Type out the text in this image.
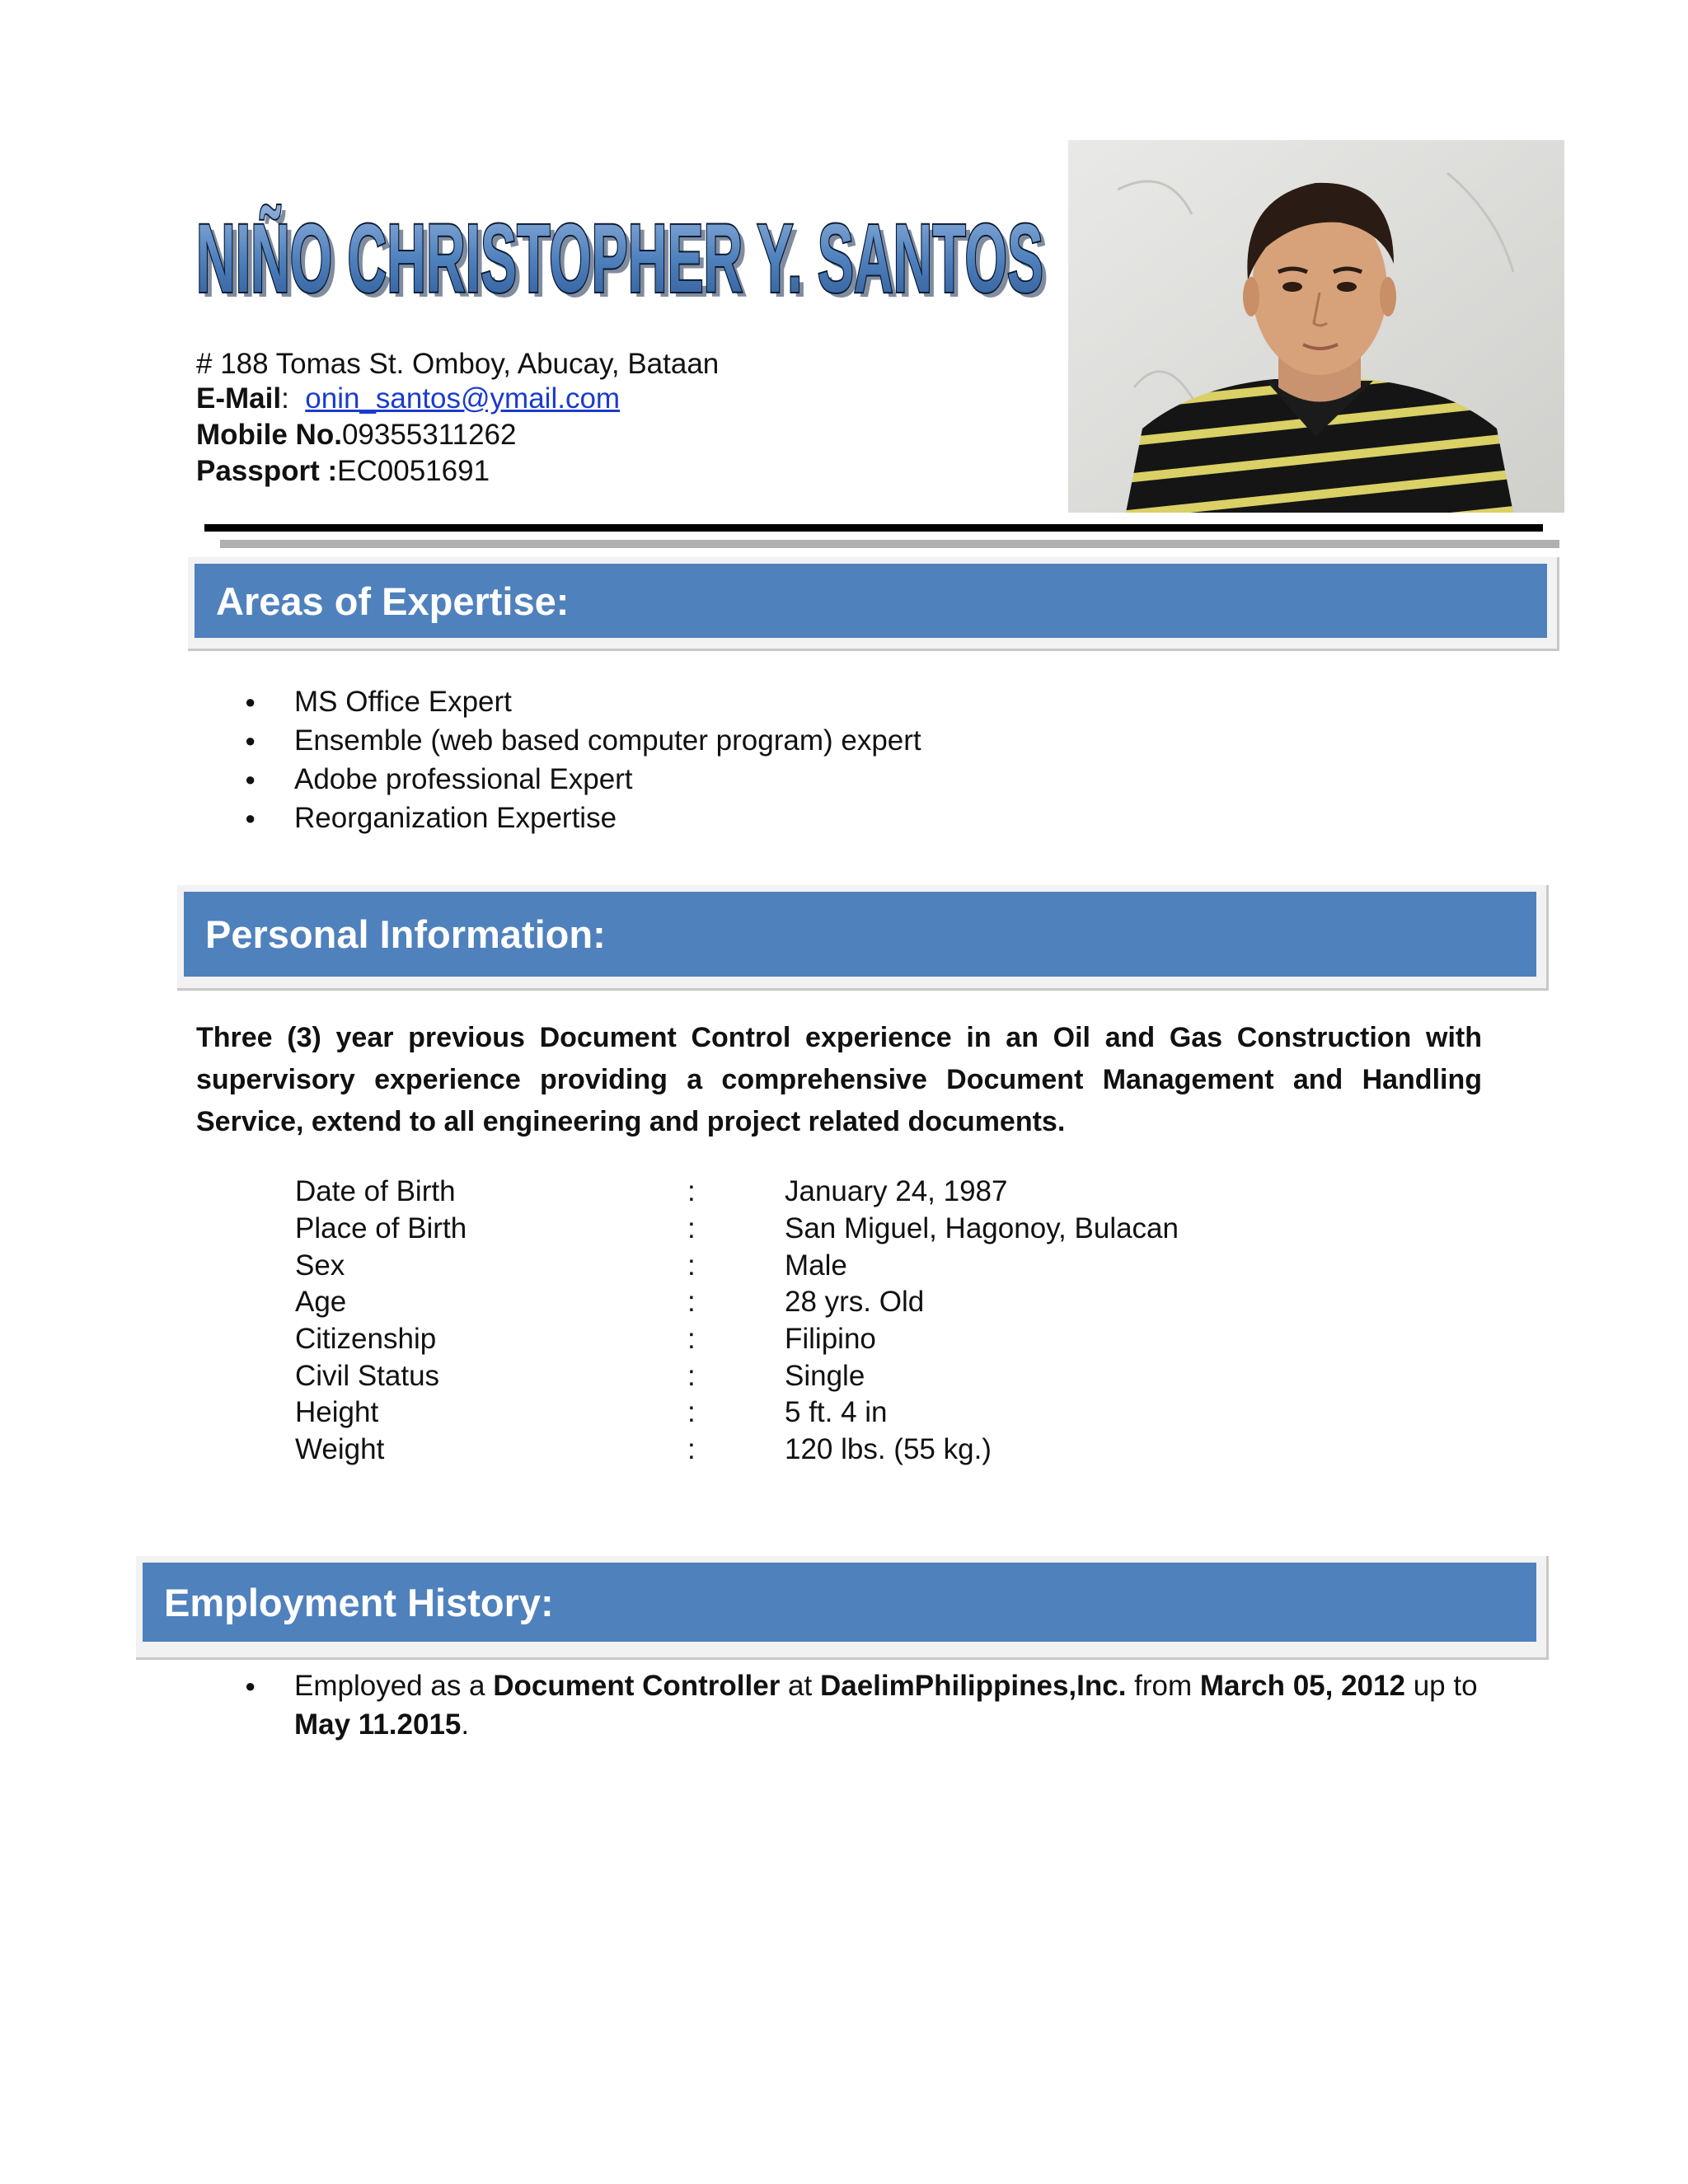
NIÑO CHRISTOPHER Y. SANTOS
NIÑO CHRISTOPHER Y. SANTOS
# 188 Tomas St. Omboy, Abucay, Bataan
E-Mail: onin_santos@ymail.com
Mobile No.09355311262
Passport :EC0051691
Areas of Expertise:
● MS Office Expert
● Ensemble (web based computer program) expert
● Adobe professional Expert
● Reorganization Expertise
Personal Information:

Three (3) year previous Document Control experience in an Oil and Gas Construction with supervisory experience providing a comprehensive Document Management and Handling Service, extend to all engineering and project related documents.

Date of Birth	:	January 24, 1987
Place of Birth	:	San Miguel, Hagonoy, Bulacan
Sex	:	Male
Age	:	28 yrs. Old
Citizenship	:	Filipino
Civil Status	:	Single
Height	:	5 ft. 4 in
Weight	:	120 lbs. (55 kg.)
Employment History:
● Employed as a Document Controller at DaelimPhilippines,Inc. from March 05, 2012 up to May 11.2015.
